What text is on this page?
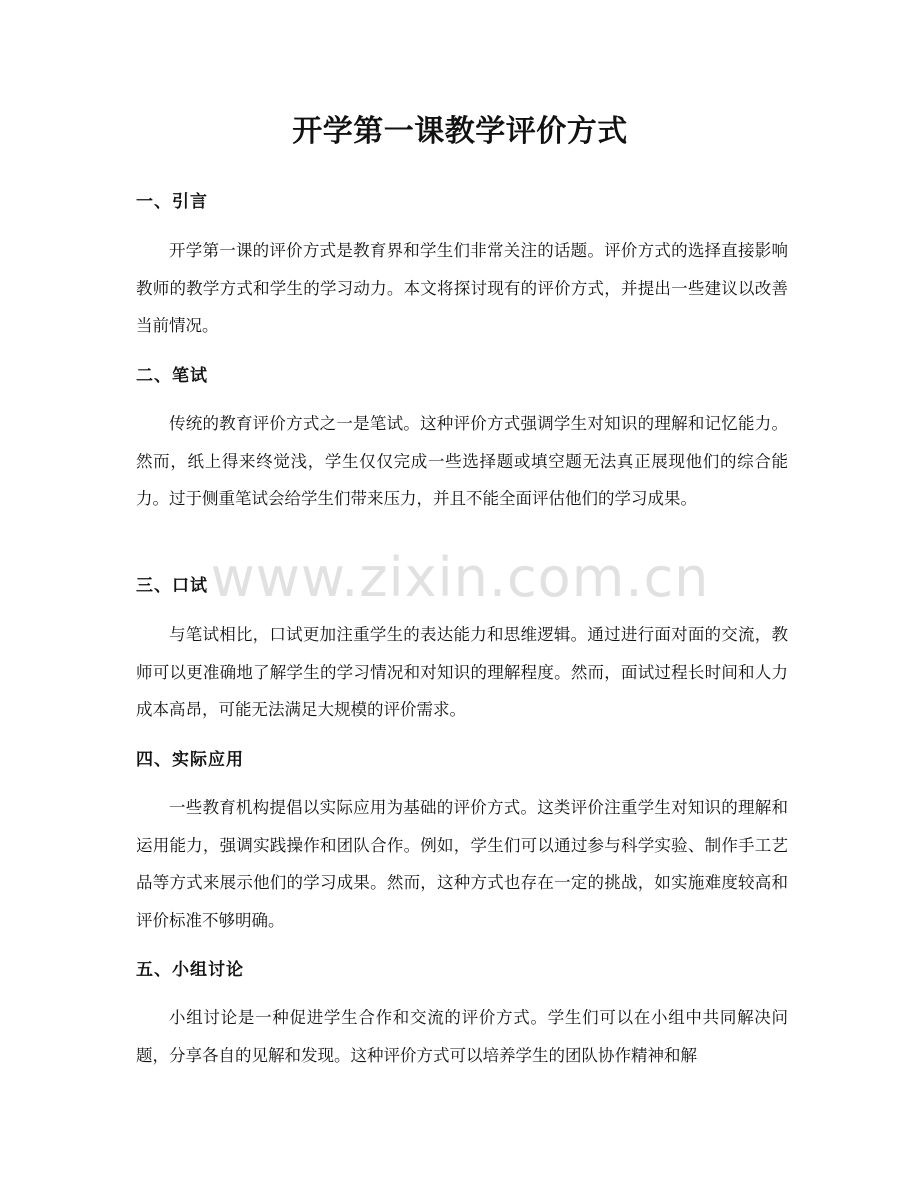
开学第一课教学评价方式
一、引言

开学第一课的评价方式是教育界和学生们非常关注的话题。评价方式的选择直接影响教师的教学方式和学生的学习动力。本文将探讨现有的评价方式，并提出一些建议以改善当前情况。

二、笔试

传统的教育评价方式之一是笔试。这种评价方式强调学生对知识的理解和记忆能力。然而，纸上得来终觉浅，学生仅仅完成一些选择题或填空题无法真正展现他们的综合能力。过于侧重笔试会给学生们带来压力，并且不能全面评估他们的学习成果。

三、口试

与笔试相比，口试更加注重学生的表达能力和思维逻辑。通过进行面对面的交流，教师可以更准确地了解学生的学习情况和对知识的理解程度。然而，面试过程长时间和人力成本高昂，可能无法满足大规模的评价需求。

四、实际应用

一些教育机构提倡以实际应用为基础的评价方式。这类评价注重学生对知识的理解和运用能力，强调实践操作和团队合作。例如，学生们可以通过参与科学实验、制作手工艺品等方式来展示他们的学习成果。然而，这种方式也存在一定的挑战，如实施难度较高和评价标准不够明确。

五、小组讨论

小组讨论是一种促进学生合作和交流的评价方式。学生们可以在小组中共同解决问题，分享各自的见解和发现。这种评价方式可以培养学生的团队协作精神和解

www.zixin.com.cn
